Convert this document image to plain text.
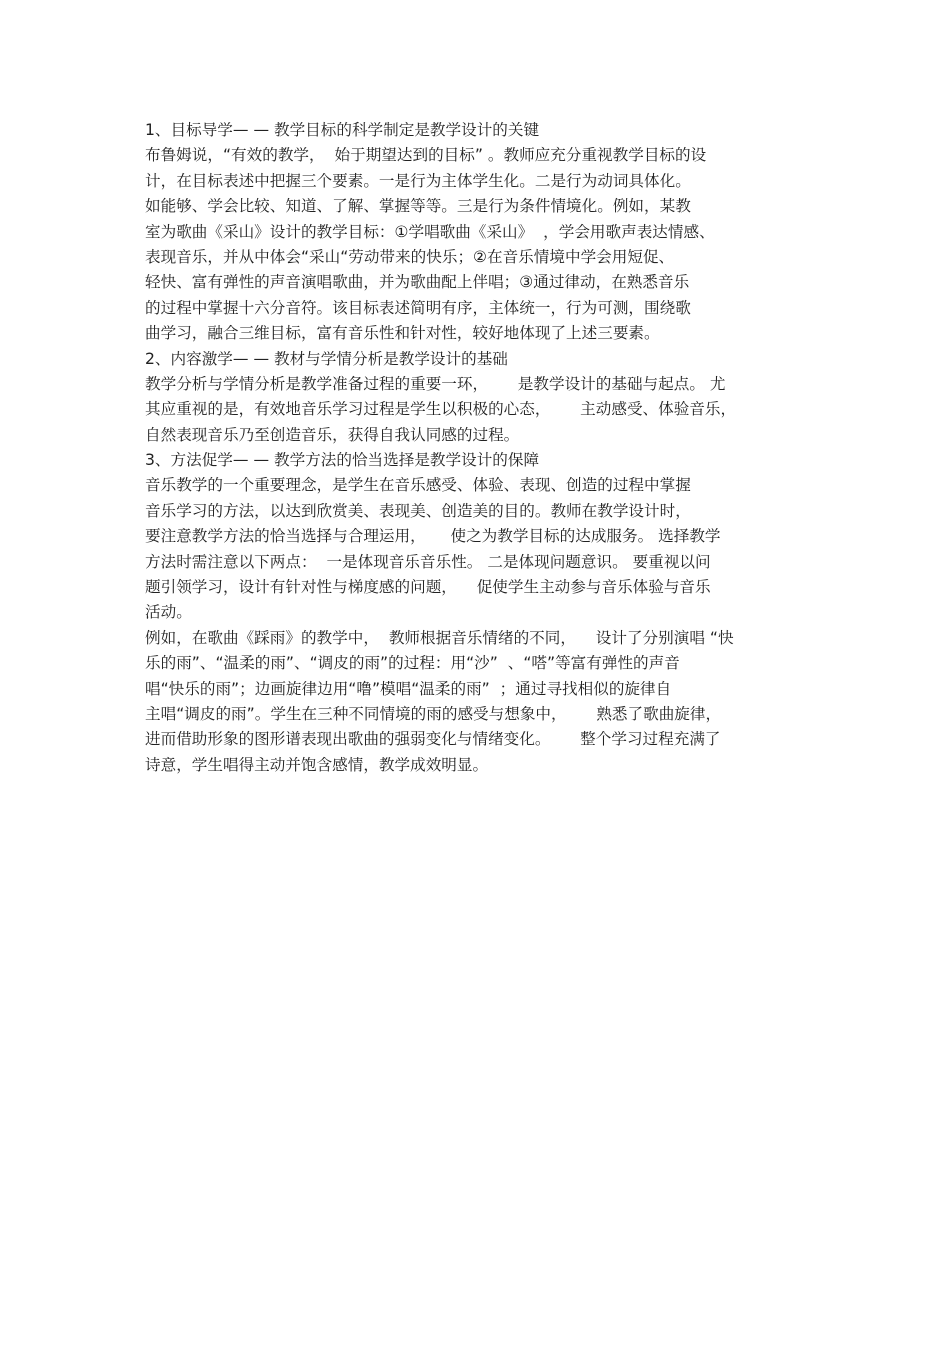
1、目标导学— — 教学目标的科学制定是教学设计的关键
布鲁姆说，“有效的教学，  始于期望达到的目标” 。教师应充分重视教学目标的设
计，在目标表述中把握三个要素。一是行为主体学生化。二是行为动词具体化。
如能够、学会比较、知道、了解、掌握等等。三是行为条件情境化。例如，某教
室为歌曲《采山》设计的教学目标：①学唱歌曲《采山》  ，学会用歌声表达情感、
表现音乐，并从中体会“采山“劳动带来的快乐；②在音乐情境中学会用短促、
轻快、富有弹性的声音演唱歌曲，并为歌曲配上伴唱；③通过律动，在熟悉音乐
的过程中掌握十六分音符。该目标表述简明有序，主体统一，行为可测，围绕歌
曲学习，融合三维目标，富有音乐性和针对性，较好地体现了上述三要素。
2、内容激学— — 教材与学情分析是教学设计的基础
教学分析与学情分析是教学准备过程的重要一环，      是教学设计的基础与起点。 尤
其应重视的是，有效地音乐学习过程是学生以积极的心态，      主动感受、体验音乐，
自然表现音乐乃至创造音乐，获得自我认同感的过程。
3、方法促学— — 教学方法的恰当选择是教学设计的保障
音乐教学的一个重要理念，是学生在音乐感受、体验、表现、创造的过程中掌握
音乐学习的方法，以达到欣赏美、表现美、创造美的目的。教师在教学设计时，
要注意教学方法的恰当选择与合理运用，     使之为教学目标的达成服务。 选择教学
方法时需注意以下两点：  一是体现音乐音乐性。 二是体现问题意识。 要重视以问
题引领学习，设计有针对性与梯度感的问题，    促使学生主动参与音乐体验与音乐
活动。
例如，在歌曲《踩雨》的教学中，  教师根据音乐情绪的不同，    设计了分别演唱 “快
乐的雨”、“温柔的雨”、“调皮的雨”的过程：用“沙”  、“嗒”等富有弹性的声音
唱“快乐的雨”；边画旋律边用“噜”模唱“温柔的雨”  ；通过寻找相似的旋律自
主唱“调皮的雨”。学生在三种不同情境的雨的感受与想象中，      熟悉了歌曲旋律，
进而借助形象的图形谱表现出歌曲的强弱变化与情绪变化。      整个学习过程充满了
诗意，学生唱得主动并饱含感情，教学成效明显。
